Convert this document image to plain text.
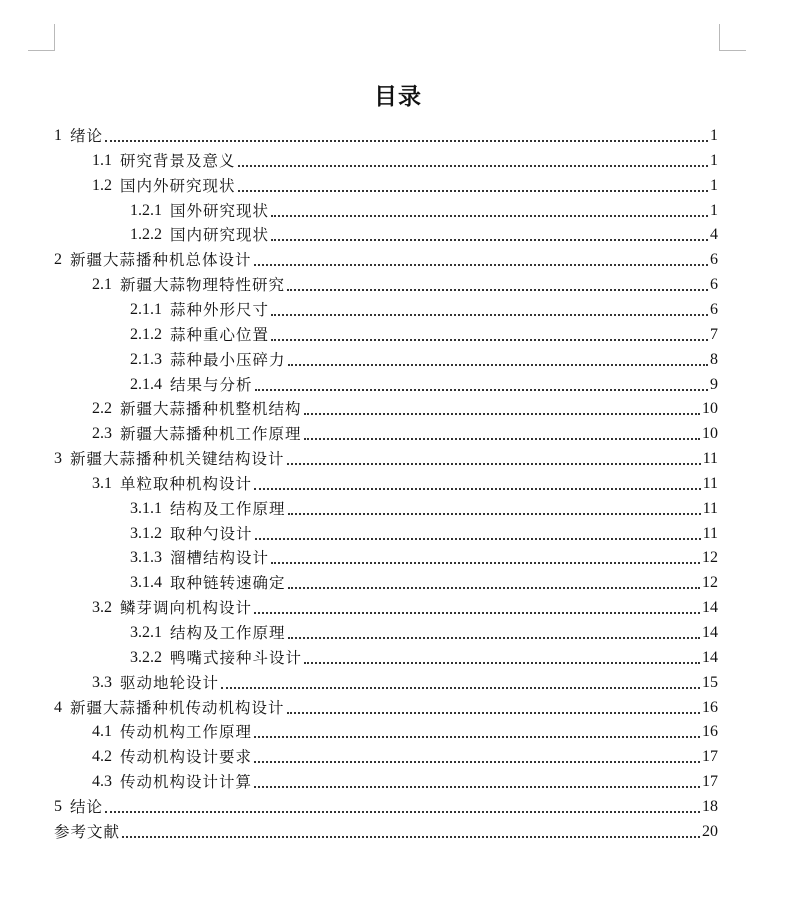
目录
1 绪论	1
1.1 研究背景及意义	1
1.2 国内外研究现状	1
1.2.1 国外研究现状	1
1.2.2 国内研究现状	4
2 新疆大蒜播种机总体设计	6
2.1 新疆大蒜物理特性研究	6
2.1.1 蒜种外形尺寸	6
2.1.2 蒜种重心位置	7
2.1.3 蒜种最小压碎力	8
2.1.4 结果与分析	9
2.2 新疆大蒜播种机整机结构	10
2.3 新疆大蒜播种机工作原理	10
3 新疆大蒜播种机关键结构设计	11
3.1 单粒取种机构设计	11
3.1.1 结构及工作原理	11
3.1.2 取种勺设计	11
3.1.3 溜槽结构设计	12
3.1.4 取种链转速确定	12
3.2 鳞芽调向机构设计	14
3.2.1 结构及工作原理	14
3.2.2 鸭嘴式接种斗设计	14
3.3 驱动地轮设计	15
4 新疆大蒜播种机传动机构设计	16
4.1 传动机构工作原理	16
4.2 传动机构设计要求	17
4.3 传动机构设计计算	17
5 结论	18
参考文献	20
